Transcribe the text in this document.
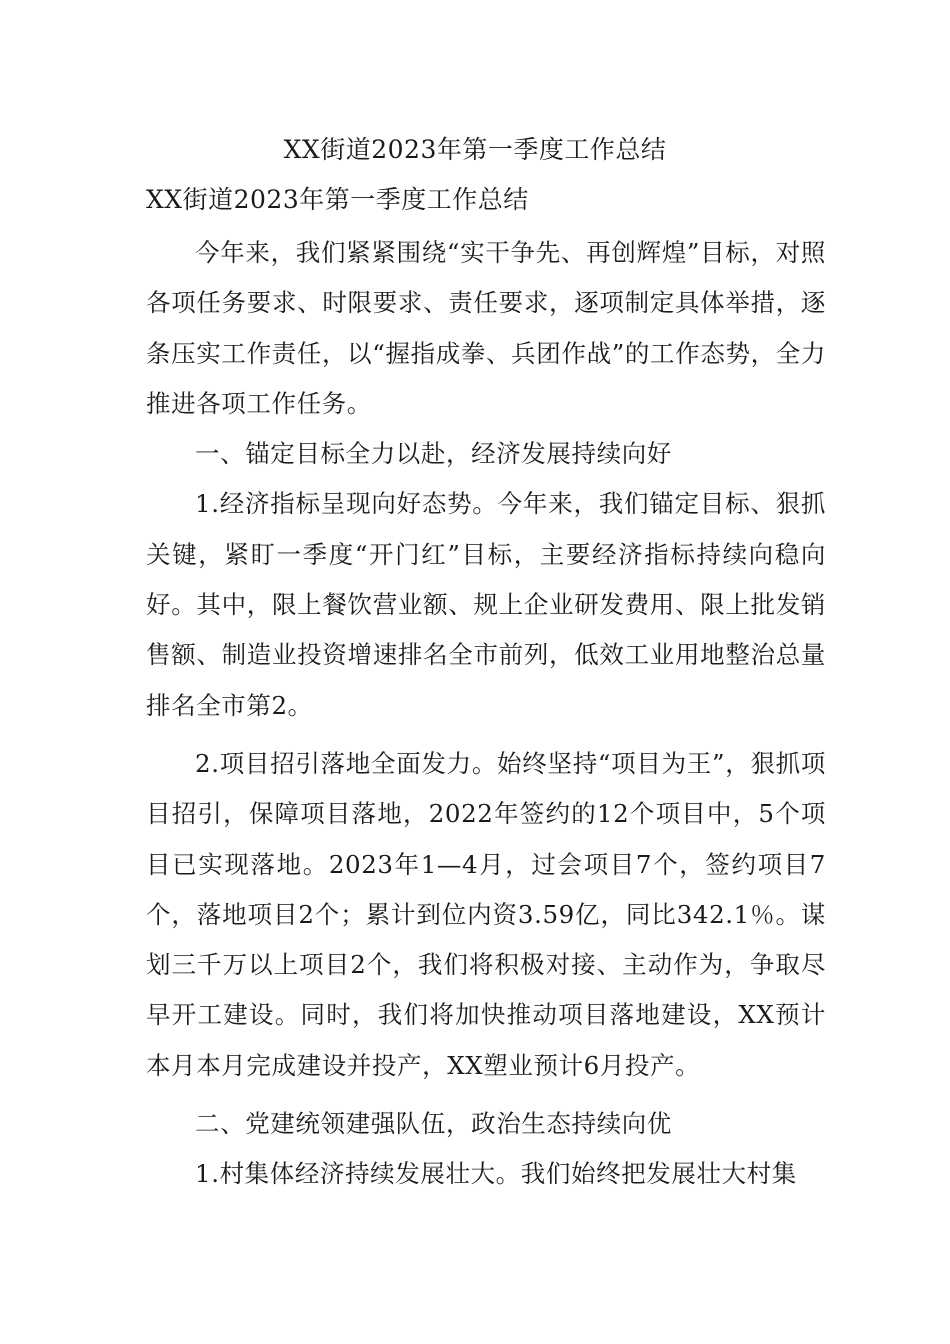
XX街道2023年第一季度工作总结
XX街道2023年第一季度工作总结

今年来，我们紧紧围绕“实干争先、再创辉煌”目标，对照各项任务要求、时限要求、责任要求，逐项制定具体举措，逐条压实工作责任，以“握指成拳、兵团作战”的工作态势，全力推进各项工作任务。

一、锚定目标全力以赴，经济发展持续向好

1.经济指标呈现向好态势。今年来，我们锚定目标、狠抓关键，紧盯一季度“开门红”目标，主要经济指标持续向稳向好。其中，限上餐饮营业额、规上企业研发费用、限上批发销售额、制造业投资增速排名全市前列，低效工业用地整治总量排名全市第2。

2.项目招引落地全面发力。始终坚持“项目为王”，狠抓项目招引，保障项目落地，2022年签约的12个项目中，5个项目已实现落地。2023年1—4月，过会项目7个，签约项目7个，落地项目2个；累计到位内资3.59亿，同比342.1％。谋划三千万以上项目2个，我们将积极对接、主动作为，争取尽早开工建设。同时，我们将加快推动项目落地建设，XX预计本月本月完成建设并投产，XX塑业预计6月投产。

二、党建统领建强队伍，政治生态持续向优

1.村集体经济持续发展壮大。我们始终把发展壮大村集
